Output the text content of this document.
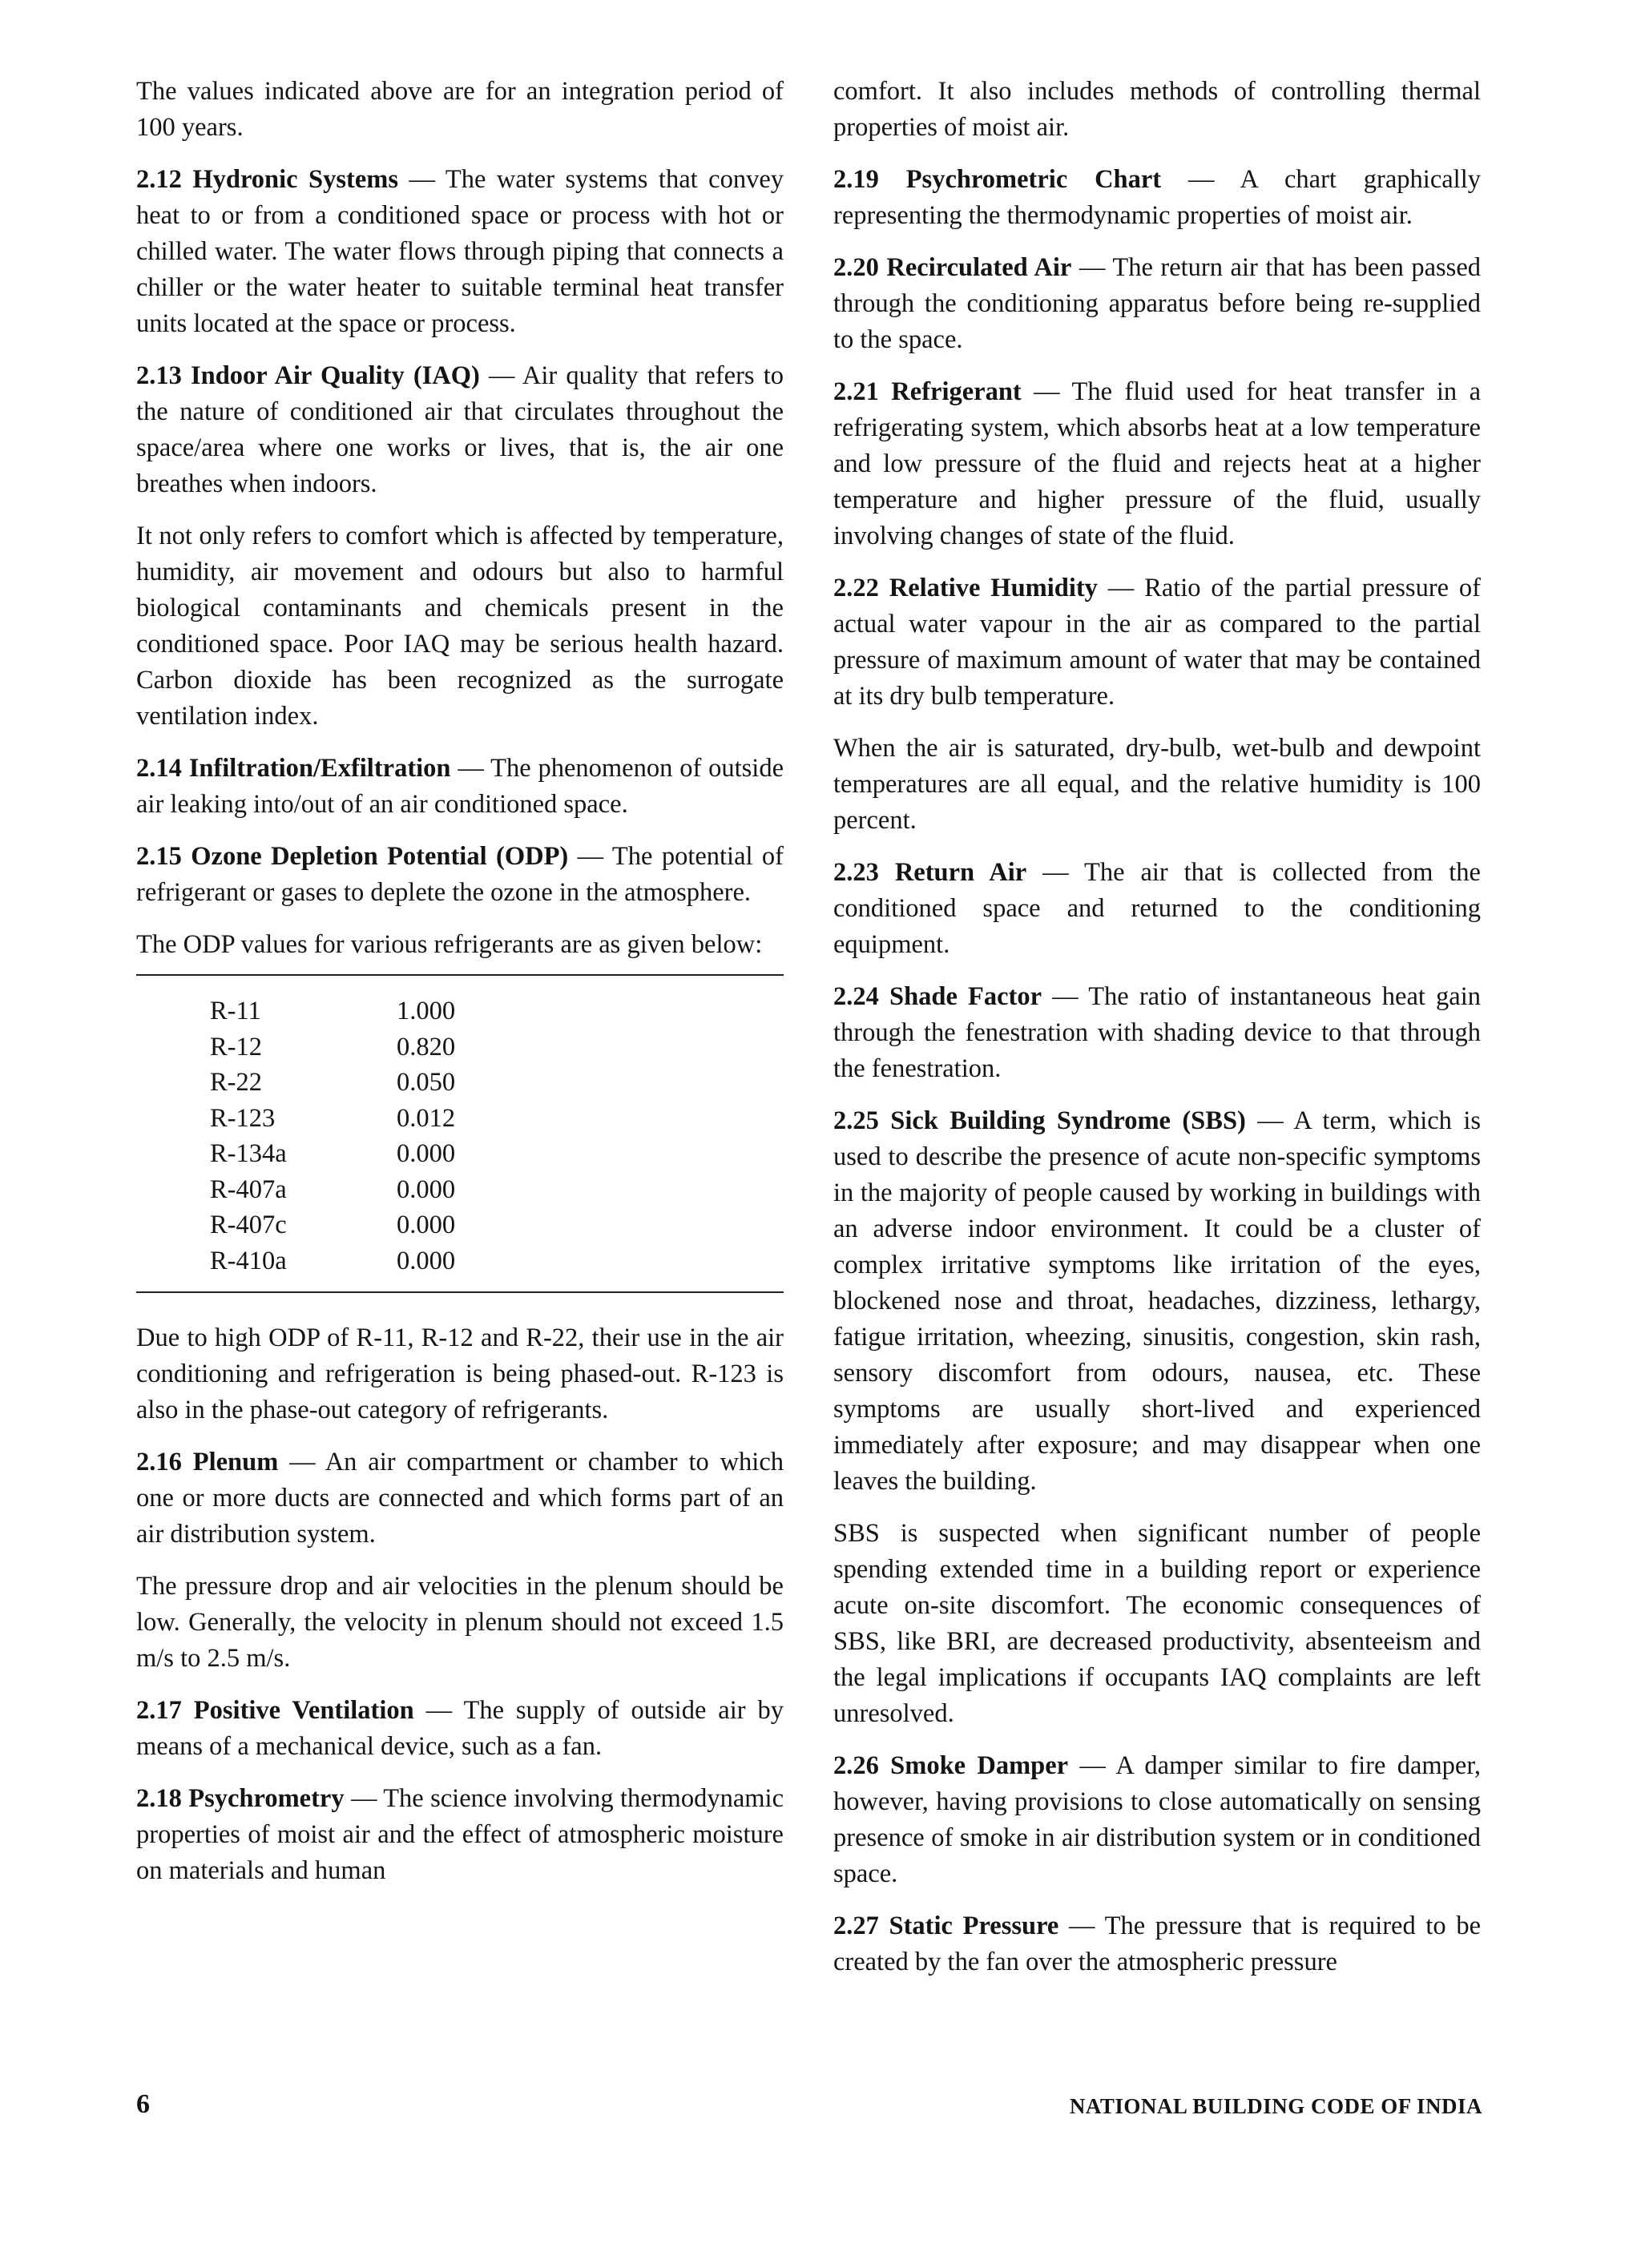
The values indicated above are for an integration period of 100 years.

2.12 Hydronic Systems — The water systems that convey heat to or from a conditioned space or process with hot or chilled water. The water flows through piping that connects a chiller or the water heater to suitable terminal heat transfer units located at the space or process.

2.13 Indoor Air Quality (IAQ) — Air quality that refers to the nature of conditioned air that circulates throughout the space/area where one works or lives, that is, the air one breathes when indoors.

It not only refers to comfort which is affected by temperature, humidity, air movement and odours but also to harmful biological contaminants and chemicals present in the conditioned space. Poor IAQ may be serious health hazard. Carbon dioxide has been recognized as the surrogate ventilation index.

2.14 Infiltration/Exfiltration — The phenomenon of outside air leaking into/out of an air conditioned space.

2.15 Ozone Depletion Potential (ODP) — The potential of refrigerant or gases to deplete the ozone in the atmosphere.

The ODP values for various refrigerants are as given below:

R-11	1.000
R-12	0.820
R-22	0.050
R-123	0.012
R-134a	0.000
R-407a	0.000
R-407c	0.000
R-410a	0.000

Due to high ODP of R-11, R-12 and R-22, their use in the air conditioning and refrigeration is being phased-out. R-123 is also in the phase-out category of refrigerants.

2.16 Plenum — An air compartment or chamber to which one or more ducts are connected and which forms part of an air distribution system.

The pressure drop and air velocities in the plenum should be low. Generally, the velocity in plenum should not exceed 1.5 m/s to 2.5 m/s.

2.17 Positive Ventilation — The supply of outside air by means of a mechanical device, such as a fan.

2.18 Psychrometry — The science involving thermodynamic properties of moist air and the effect of atmospheric moisture on materials and human

comfort. It also includes methods of controlling thermal properties of moist air.

2.19 Psychrometric Chart — A chart graphically representing the thermodynamic properties of moist air.

2.20 Recirculated Air — The return air that has been passed through the conditioning apparatus before being re-supplied to the space.

2.21 Refrigerant — The fluid used for heat transfer in a refrigerating system, which absorbs heat at a low temperature and low pressure of the fluid and rejects heat at a higher temperature and higher pressure of the fluid, usually involving changes of state of the fluid.

2.22 Relative Humidity — Ratio of the partial pressure of actual water vapour in the air as compared to the partial pressure of maximum amount of water that may be contained at its dry bulb temperature.

When the air is saturated, dry-bulb, wet-bulb and dewpoint temperatures are all equal, and the relative humidity is 100 percent.

2.23 Return Air — The air that is collected from the conditioned space and returned to the conditioning equipment.

2.24 Shade Factor — The ratio of instantaneous heat gain through the fenestration with shading device to that through the fenestration.

2.25 Sick Building Syndrome (SBS) — A term, which is used to describe the presence of acute non-specific symptoms in the majority of people caused by working in buildings with an adverse indoor environment. It could be a cluster of complex irritative symptoms like irritation of the eyes, blockened nose and throat, headaches, dizziness, lethargy, fatigue irritation, wheezing, sinusitis, congestion, skin rash, sensory discomfort from odours, nausea, etc. These symptoms are usually short-lived and experienced immediately after exposure; and may disappear when one leaves the building.

SBS is suspected when significant number of people spending extended time in a building report or experience acute on-site discomfort. The economic consequences of SBS, like BRI, are decreased productivity, absenteeism and the legal implications if occupants IAQ complaints are left unresolved.

2.26 Smoke Damper — A damper similar to fire damper, however, having provisions to close automatically on sensing presence of smoke in air distribution system or in conditioned space.

2.27 Static Pressure — The pressure that is required to be created by the fan over the atmospheric pressure

6	NATIONAL BUILDING CODE OF INDIA
